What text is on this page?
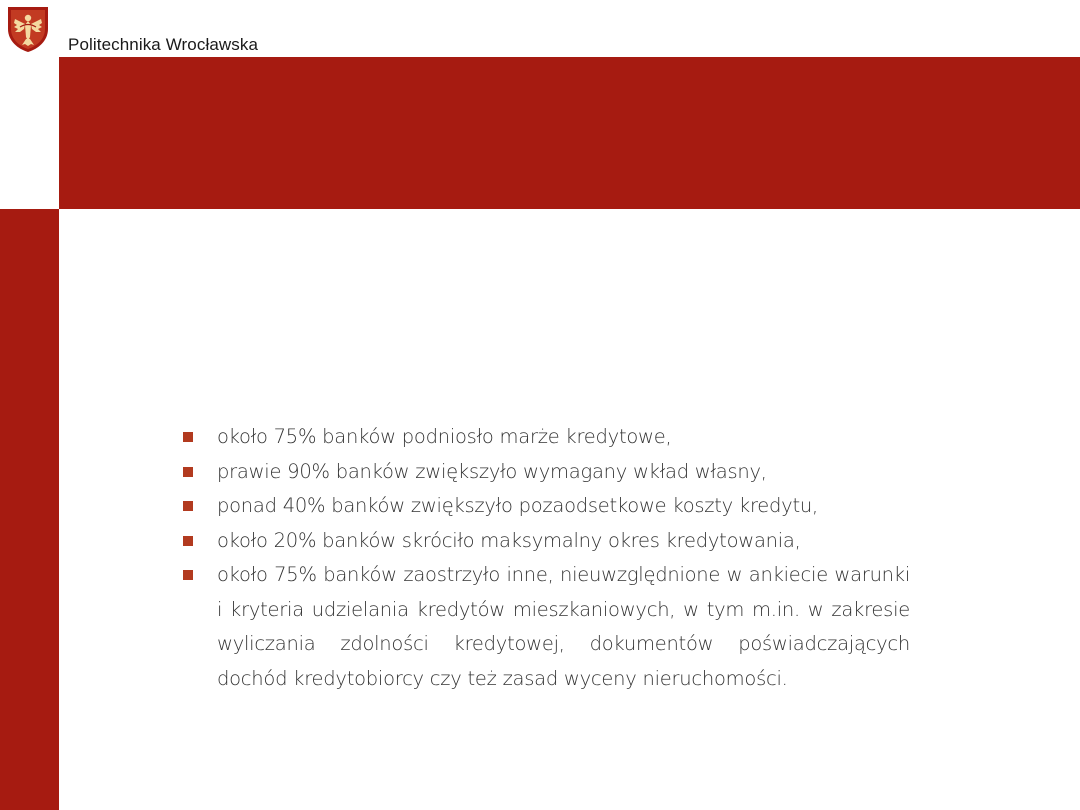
Politechnika Wrocławska
około 75% banków podniosło marże kredytowe,
prawie 90% banków zwiększyło wymagany wkład własny,
ponad 40% banków zwiększyło pozaodsetkowe koszty kredytu,
około 20% banków skróciło maksymalny okres kredytowania,
około 75% banków zaostrzyło inne, nieuwzględnione w ankiecie warunki i kryteria udzielania kredytów mieszkaniowych, w tym m.in. w zakresie wyliczania zdolności kredytowej, dokumentów poświadczających dochód kredytobiorcy czy też zasad wyceny nieruchomości.
